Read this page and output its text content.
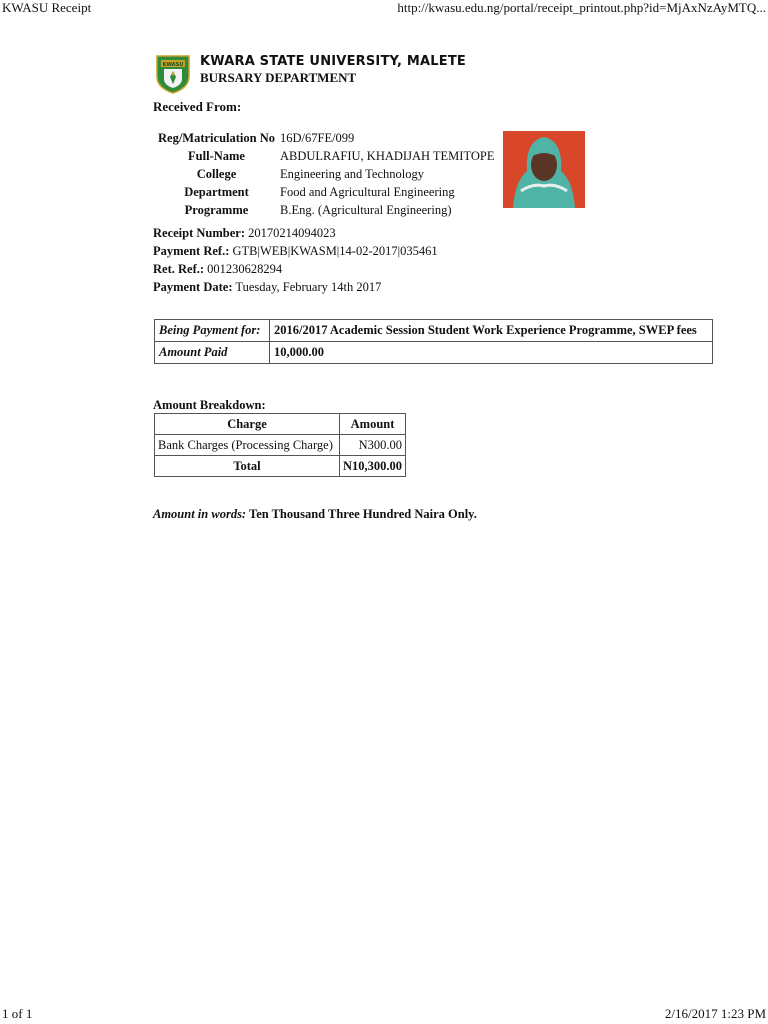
KWASU Receipt	http://kwasu.edu.ng/portal/receipt_printout.php?id=MjAxNzAyMTQ...
KWASU KWARA STATE UNIVERSITY, MALETE
BURSARY DEPARTMENT
Received From:
Reg/Matriculation No	16D/67FE/099
Full-Name	ABDULRAFIU, KHADIJAH TEMITOPE
College	Engineering and Technology
Department	Food and Agricultural Engineering
Programme	B.Eng. (Agricultural Engineering)
Receipt Number: 20170214094023
Payment Ref.: GTB|WEB|KWASM|14-02-2017|035461
Ret. Ref.: 001230628294
Payment Date: Tuesday, February 14th 2017
Being Payment for:	2016/2017 Academic Session Student Work Experience Programme, SWEP fees
Amount Paid	10,000.00
Amount Breakdown:
Charge	Amount
Bank Charges (Processing Charge)	N300.00
Total	N10,300.00
Amount in words: Ten Thousand Three Hundred Naira Only.
1 of 1	2/16/2017 1:23 PM
